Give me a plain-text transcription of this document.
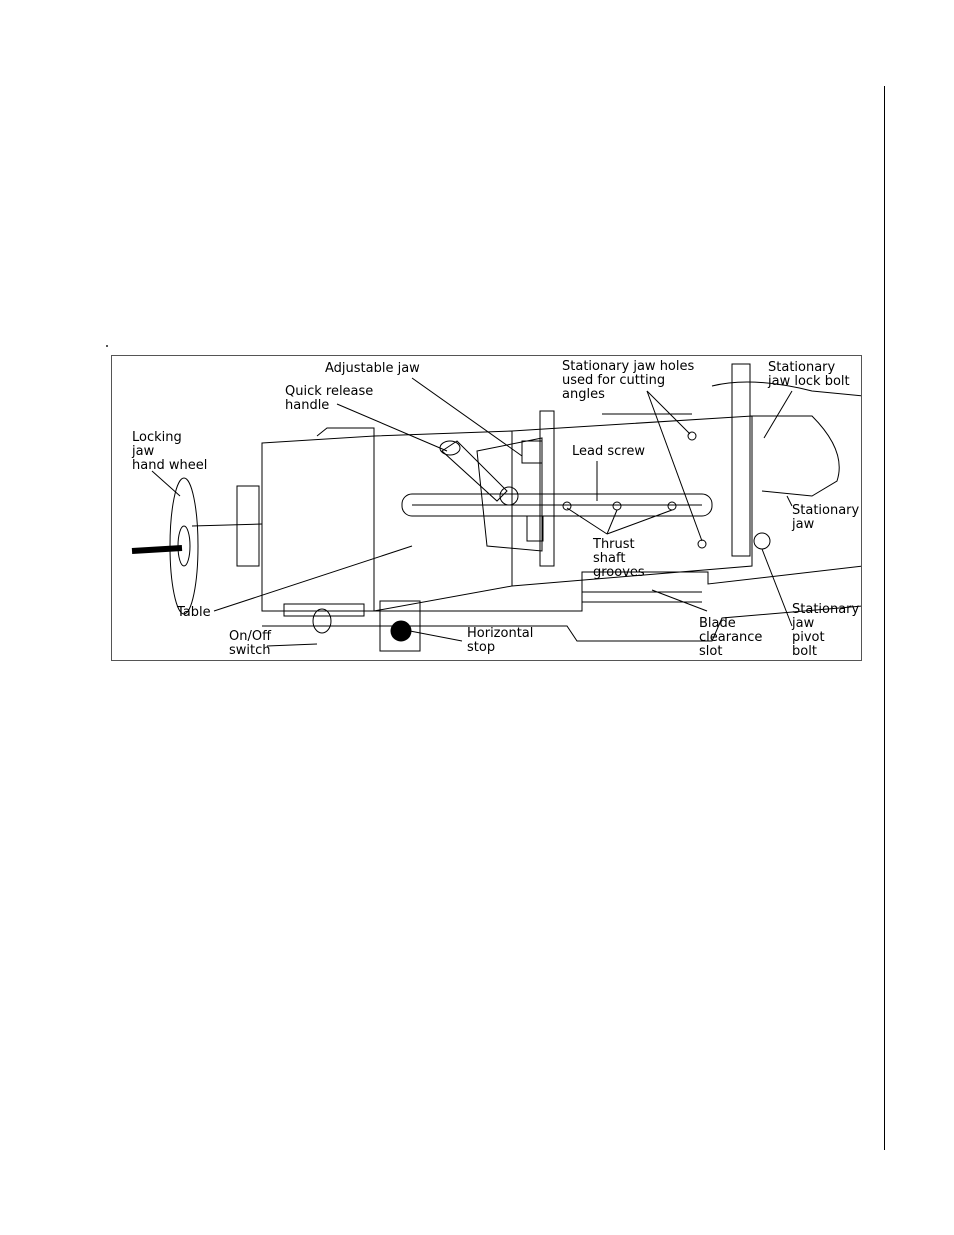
Adjustable jaw
Quick release
handle
Locking
jaw
hand wheel
Table
On/Off
switch
Horizontal
stop
Stationary jaw holes
used for cutting
angles
Lead screw
Thrust
shaft
grooves
Blade
clearance
slot
Stationary
jaw lock bolt
Stationary
jaw
Stationary
jaw
pivot
bolt
